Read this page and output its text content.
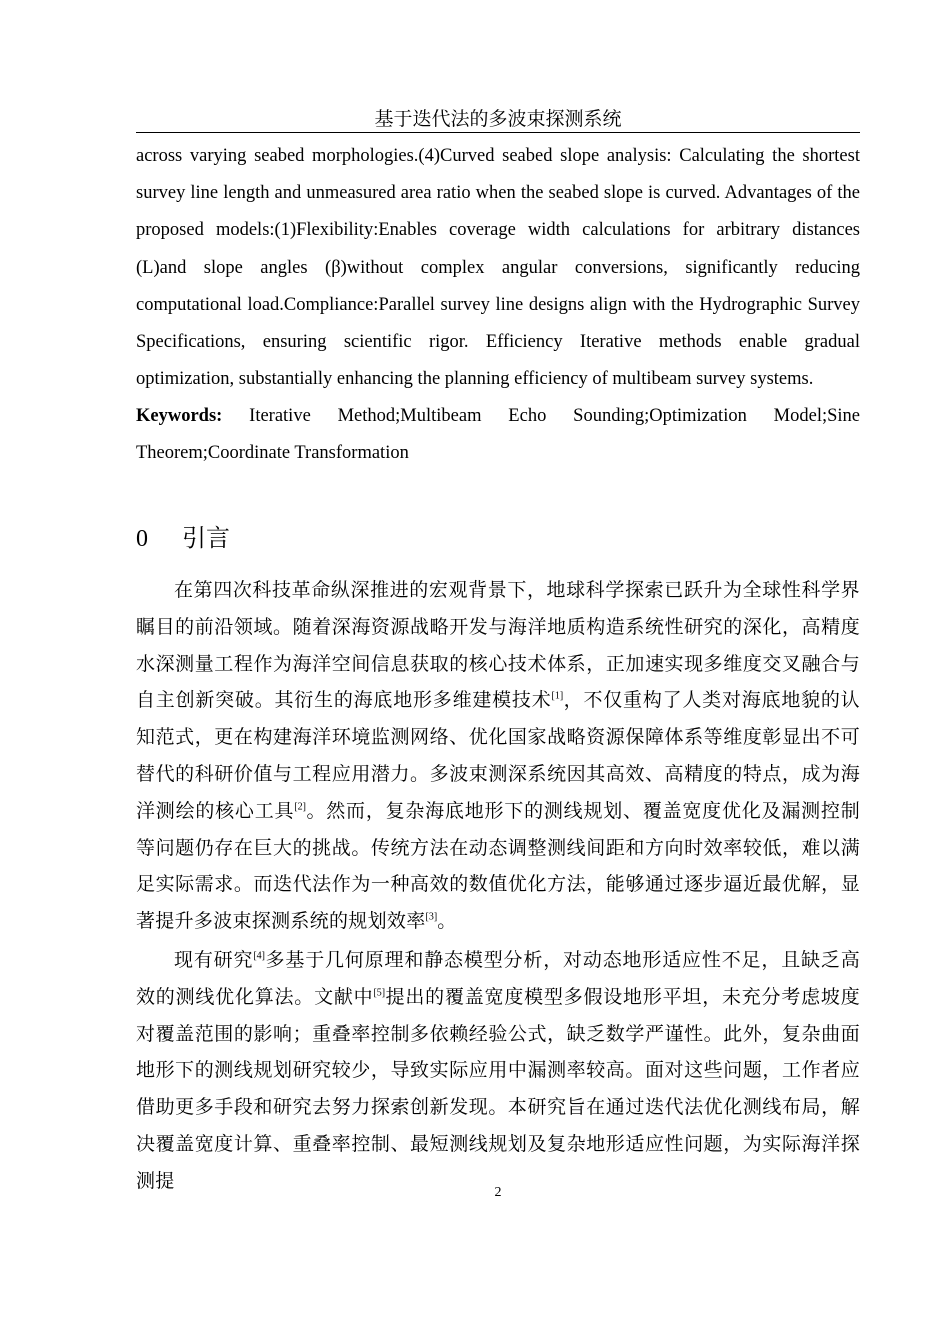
基于迭代法的多波束探测系统

across varying seabed morphologies.(4)Curved seabed slope analysis: Calculating the shortest survey line length and unmeasured area ratio when the seabed slope is curved. Advantages of the proposed models:(1)Flexibility:Enables coverage width calculations for arbitrary distances (L)and slope angles (β)without complex angular conversions, significantly reducing computational load.Compliance:Parallel survey line designs align with the Hydrographic Survey Specifications, ensuring scientific rigor. Efficiency Iterative methods enable gradual optimization, substantially enhancing the planning efficiency of multibeam survey systems.

Keywords: Iterative Method;Multibeam Echo Sounding;Optimization Model;Sine Theorem;Coordinate Transformation

0 引言

在第四次科技革命纵深推进的宏观背景下，地球科学探索已跃升为全球性科学界瞩目的前沿领域。随着深海资源战略开发与海洋地质构造系统性研究的深化，高精度水深测量工程作为海洋空间信息获取的核心技术体系，正加速实现多维度交叉融合与自主创新突破。其衍生的海底地形多维建模技术[1]，不仅重构了人类对海底地貌的认知范式，更在构建海洋环境监测网络、优化国家战略资源保障体系等维度彰显出不可替代的科研价值与工程应用潜力。多波束测深系统因其高效、高精度的特点，成为海洋测绘的核心工具[2]。然而，复杂海底地形下的测线规划、覆盖宽度优化及漏测控制等问题仍存在巨大的挑战。传统方法在动态调整测线间距和方向时效率较低，难以满足实际需求。而迭代法作为一种高效的数值优化方法，能够通过逐步逼近最优解，显著提升多波束探测系统的规划效率[3]。

现有研究[4]多基于几何原理和静态模型分析，对动态地形适应性不足，且缺乏高效的测线优化算法。文献中[5]提出的覆盖宽度模型多假设地形平坦，未充分考虑坡度对覆盖范围的影响；重叠率控制多依赖经验公式，缺乏数学严谨性。此外，复杂曲面地形下的测线规划研究较少，导致实际应用中漏测率较高。面对这些问题，工作者应借助更多手段和研究去努力探索创新发现。本研究旨在通过迭代法优化测线布局，解决覆盖宽度计算、重叠率控制、最短测线规划及复杂地形适应性问题，为实际海洋探测提

2
